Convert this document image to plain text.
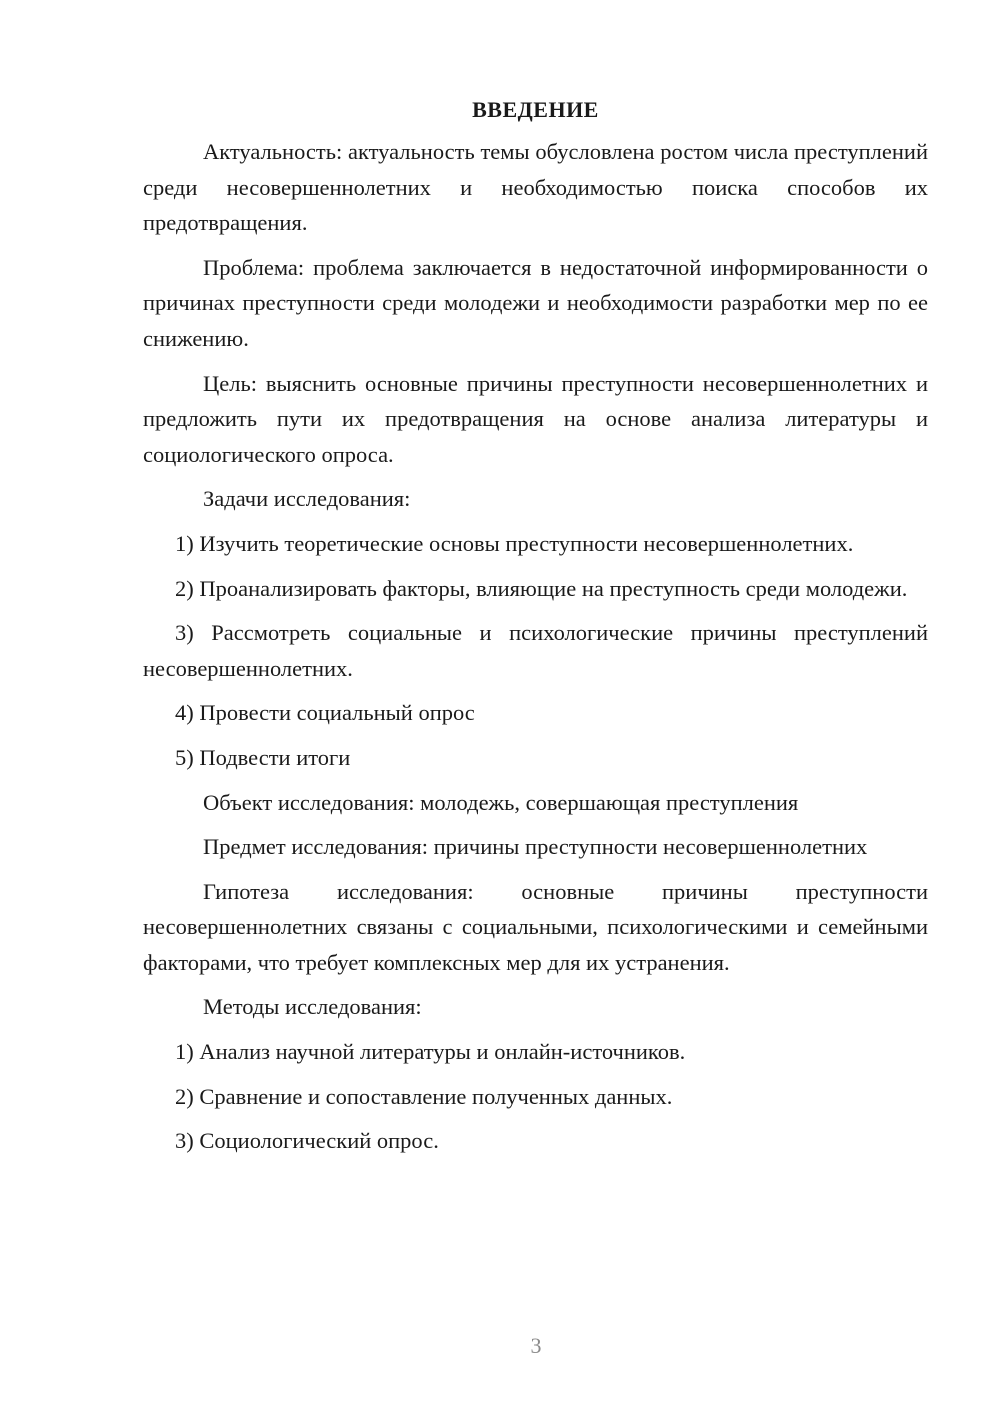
ВВЕДЕНИЕ

Актуальность: актуальность темы обусловлена ростом числа преступлений среди несовершеннолетних и необходимостью поиска способов их предотвращения.

Проблема: проблема заключается в недостаточной информированности о причинах преступности среди молодежи и необходимости разработки мер по ее снижению.

Цель: выяснить основные причины преступности несовершеннолетних и предложить пути их предотвращения на основе анализа литературы и социологического опроса.

Задачи исследования:

1) Изучить теоретические основы преступности несовершеннолетних.

2) Проанализировать факторы, влияющие на преступность среди молодежи.

3) Рассмотреть социальные и психологические причины преступлений несовершеннолетних.

4) Провести социальный опрос

5) Подвести итоги

Объект исследования: молодежь, совершающая преступления

Предмет исследования: причины преступности несовершеннолетних

Гипотеза исследования: основные причины преступности несовершеннолетних связаны с социальными, психологическими и семейными факторами, что требует комплексных мер для их устранения.

Методы исследования:

1) Анализ научной литературы и онлайн-источников.

2) Сравнение и сопоставление полученных данных.

3) Социологический опрос.

3
